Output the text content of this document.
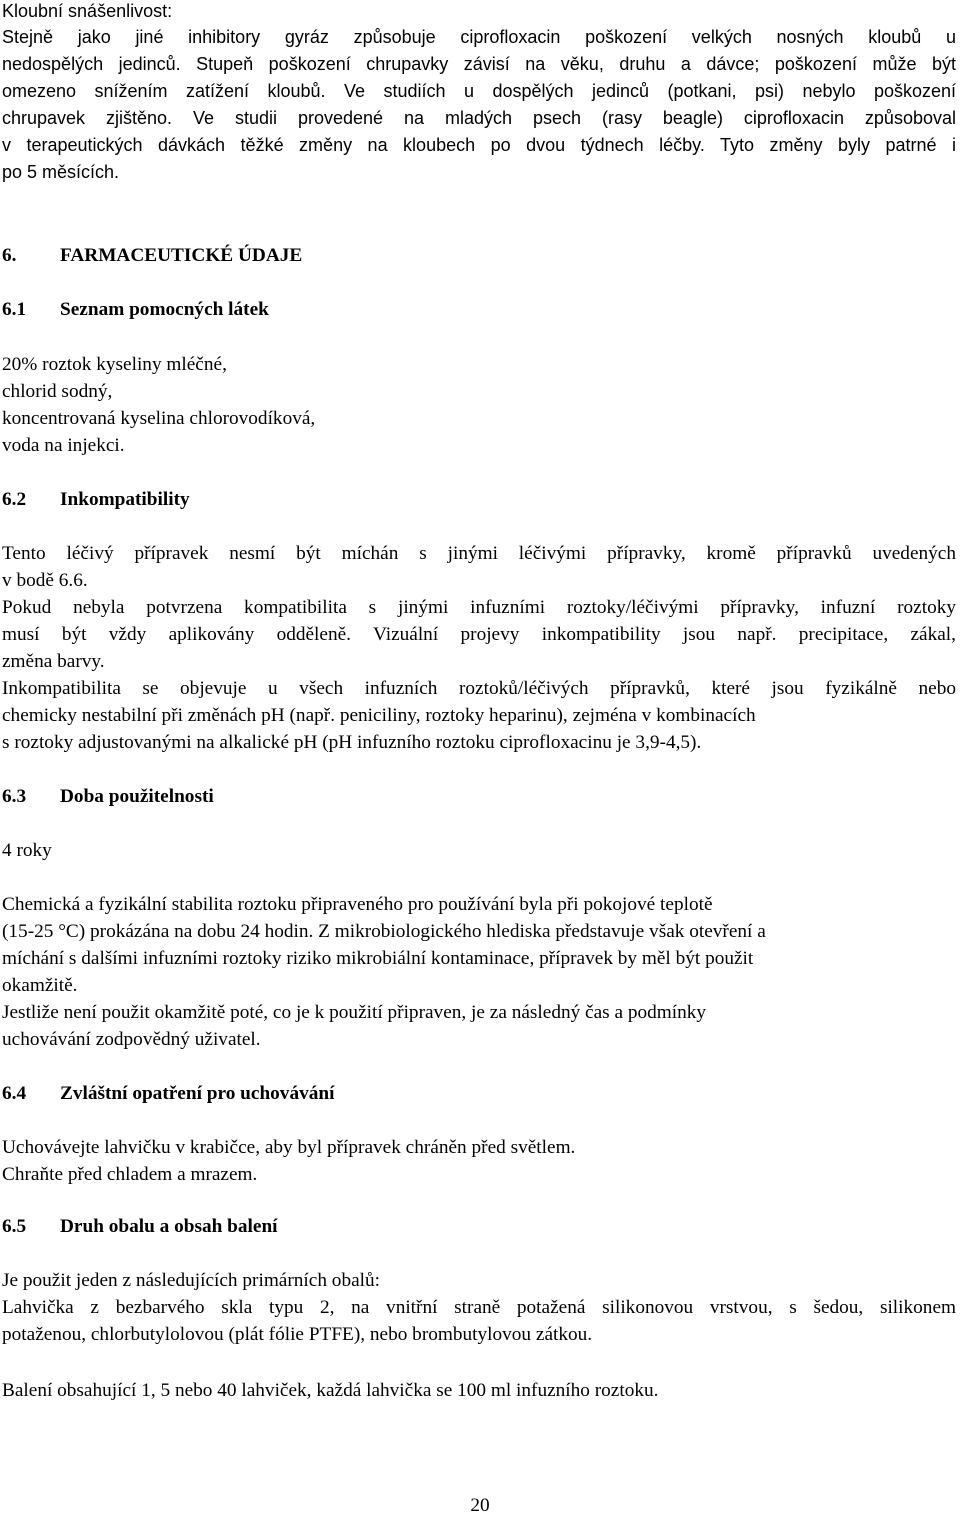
Kloubní snášenlivost:
Stejně jako jiné inhibitory gyráz způsobuje ciprofloxacin poškození velkých nosných kloubů u
nedospělých jedinců. Stupeň poškození chrupavky závisí na věku, druhu a dávce; poškození může být
omezeno snížením zatížení kloubů. Ve studiích u dospělých jedinců (potkani, psi) nebylo poškození
chrupavek zjištěno. Ve studii provedené na mladých psech (rasy beagle) ciprofloxacin způsoboval
v terapeutických dávkách těžké změny na kloubech po dvou týdnech léčby. Tyto změny byly patrné i
po 5 měsících.
6. FARMACEUTICKÉ ÚDAJE
6.1 Seznam pomocných látek
20% roztok kyseliny mléčné,
chlorid sodný,
koncentrovaná kyselina chlorovodíková,
voda na injekci.
6.2 Inkompatibility
Tento léčivý přípravek nesmí být míchán s jinými léčivými přípravky, kromě přípravků uvedených
v bodě 6.6.
Pokud nebyla potvrzena kompatibilita s jinými infuzními roztoky/léčivými přípravky, infuzní roztoky
musí být vždy aplikovány odděleně. Vizuální projevy inkompatibility jsou např. precipitace, zákal,
změna barvy.
Inkompatibilita se objevuje u všech infuzních roztoků/léčivých přípravků, které jsou fyzikálně nebo
chemicky nestabilní při změnách pH (např. peniciliny, roztoky heparinu), zejména v kombinacích
s roztoky adjustovanými na alkalické pH (pH infuzního roztoku ciprofloxacinu je 3,9-4,5).
6.3 Doba použitelnosti
4 roky
Chemická a fyzikální stabilita roztoku připraveného pro používání byla při pokojové teplotě
(15-25 °C) prokázána na dobu 24 hodin. Z mikrobiologického hlediska představuje však otevření a
míchání s dalšími infuzními roztoky riziko mikrobiální kontaminace, přípravek by měl být použit
okamžitě.
Jestliže není použit okamžitě poté, co je k použití připraven, je za následný čas a podmínky
uchovávání zodpovědný uživatel.
6.4 Zvláštní opatření pro uchovávání
Uchovávejte lahvičku v krabičce, aby byl přípravek chráněn před světlem.
Chraňte před chladem a mrazem.
6.5 Druh obalu a obsah balení
Je použit jeden z následujících primárních obalů:
Lahvička z bezbarvého skla typu 2, na vnitřní straně potažená silikonovou vrstvou, s šedou, silikonem
potaženou, chlorbutylolovou (plát fólie PTFE), nebo brombutylovou zátkou.
Balení obsahující 1, 5 nebo 40 lahviček, každá lahvička se 100 ml infuzního roztoku.
20
